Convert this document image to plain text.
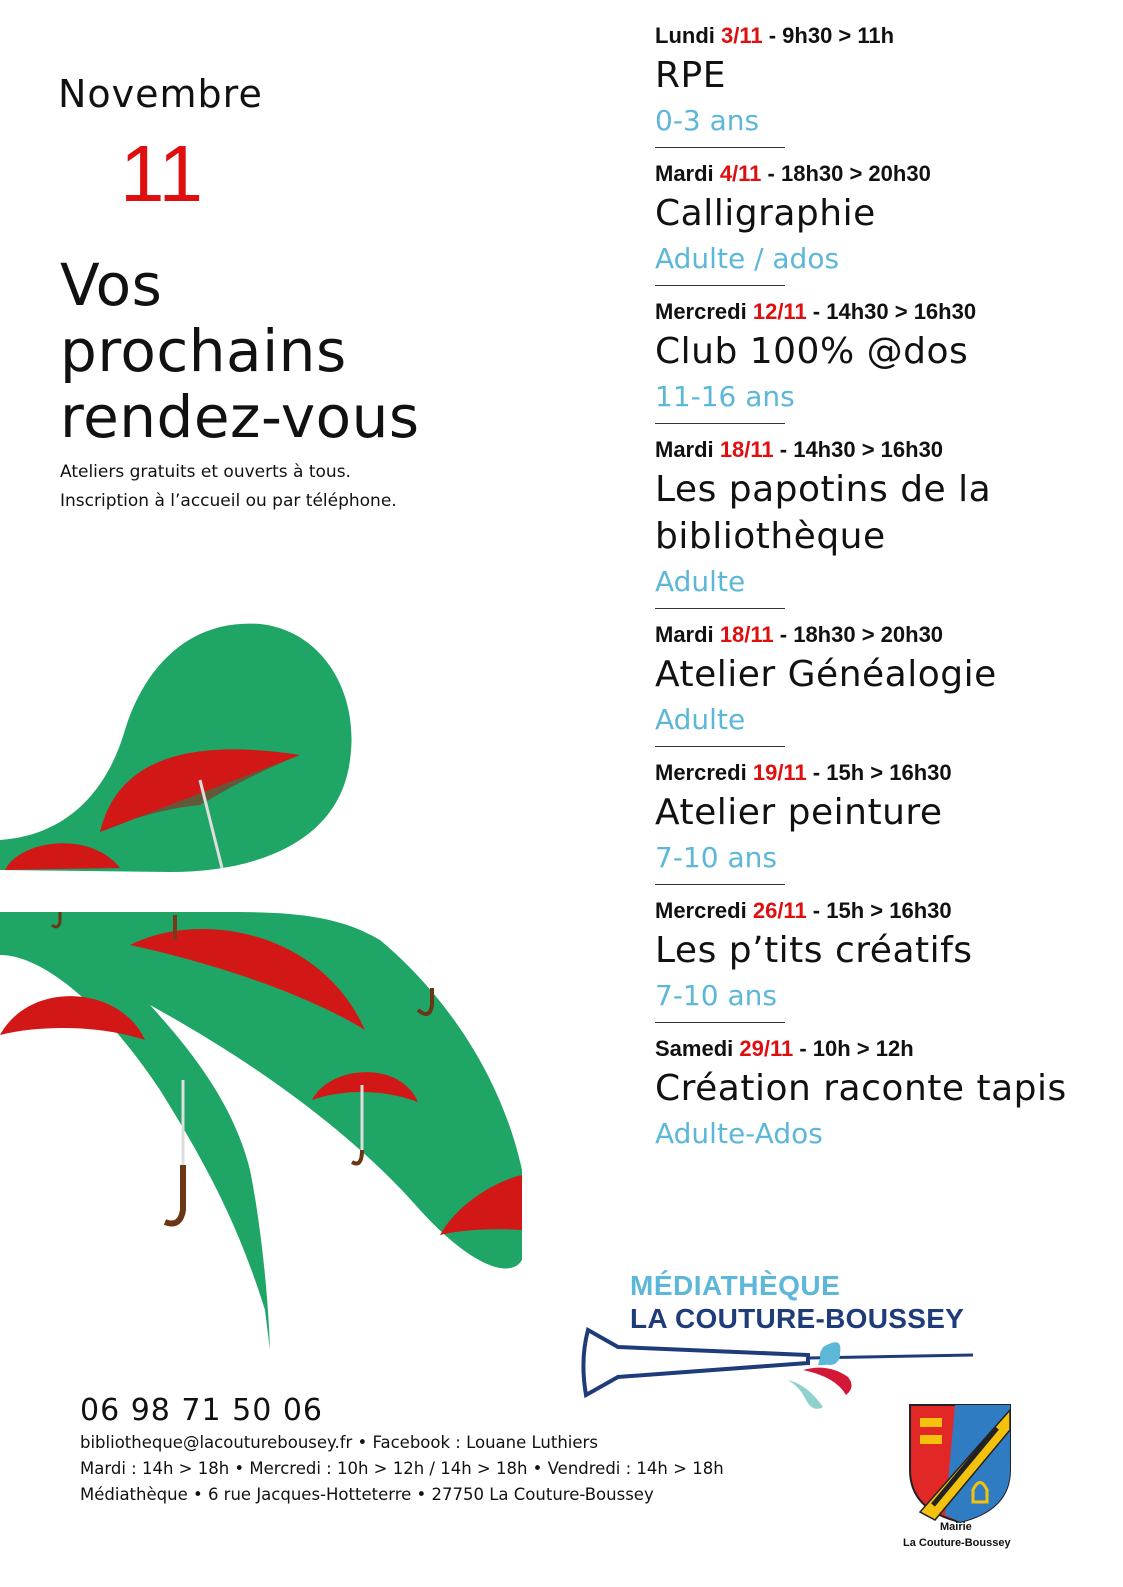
Novembre
11
Vos
prochains
rendez-vous
Ateliers gratuits et ouverts à tous.
Inscription à l’accueil ou par téléphone.
Lundi 3/11 - 9h30 > 11h
RPE
0-3 ans
Mardi 4/11 - 18h30 > 20h30
Calligraphie
Adulte / ados
Mercredi 12/11 - 14h30 > 16h30
Club 100% @dos
11-16 ans
Mardi 18/11 - 14h30 > 16h30
Les papotins de la
bibliothèque
Adulte
Mardi 18/11 - 18h30 > 20h30
Atelier Généalogie
Adulte
Mercredi 19/11 - 15h > 16h30
Atelier peinture
7-10 ans
Mercredi 26/11 - 15h > 16h30
Les p’tits créatifs
7-10 ans
Samedi 29/11 - 10h > 12h
Création raconte tapis
Adulte-Ados
MÉDIATHÈQUE
LA COUTURE-BOUSSEY
Mairie
La Couture-Boussey
06 98 71 50 06
bibliotheque@lacouturebousey.fr • Facebook : Louane Luthiers
Mardi : 14h > 18h • Mercredi : 10h > 12h / 14h > 18h • Vendredi : 14h > 18h
Médiathèque • 6 rue Jacques-Hotteterre • 27750 La Couture-Boussey
